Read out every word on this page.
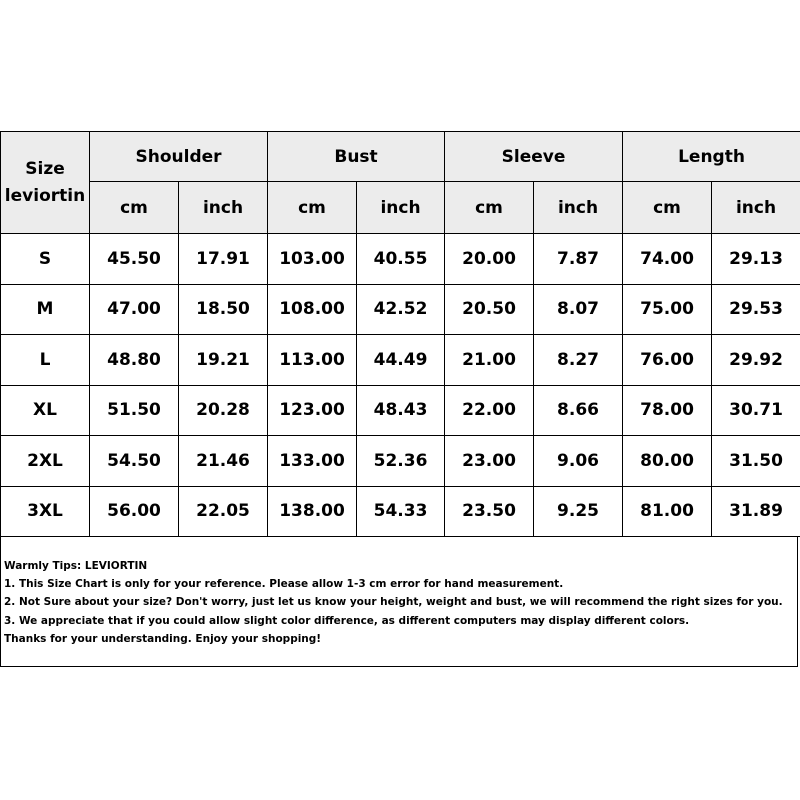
Size
leviortin	Shoulder		Bust		Sleeve		Length	
	cm	inch	cm	inch	cm	inch	cm	inch
S	45.50	17.91	103.00	40.55	20.00	7.87	74.00	29.13
M	47.00	18.50	108.00	42.52	20.50	8.07	75.00	29.53
L	48.80	19.21	113.00	44.49	21.00	8.27	76.00	29.92
XL	51.50	20.28	123.00	48.43	22.00	8.66	78.00	30.71
2XL	54.50	21.46	133.00	52.36	23.00	9.06	80.00	31.50
3XL	56.00	22.05	138.00	54.33	23.50	9.25	81.00	31.89
Warmly Tips: LEVIORTIN
1. This Size Chart is only for your reference. Please allow 1-3 cm error for hand measurement.
2. Not Sure about your size? Don't worry, just let us know your height, weight and bust, we will recommend the right sizes for you.
3. We appreciate that if you could allow slight color difference, as different computers may display different colors.
Thanks for your understanding. Enjoy your shopping!
